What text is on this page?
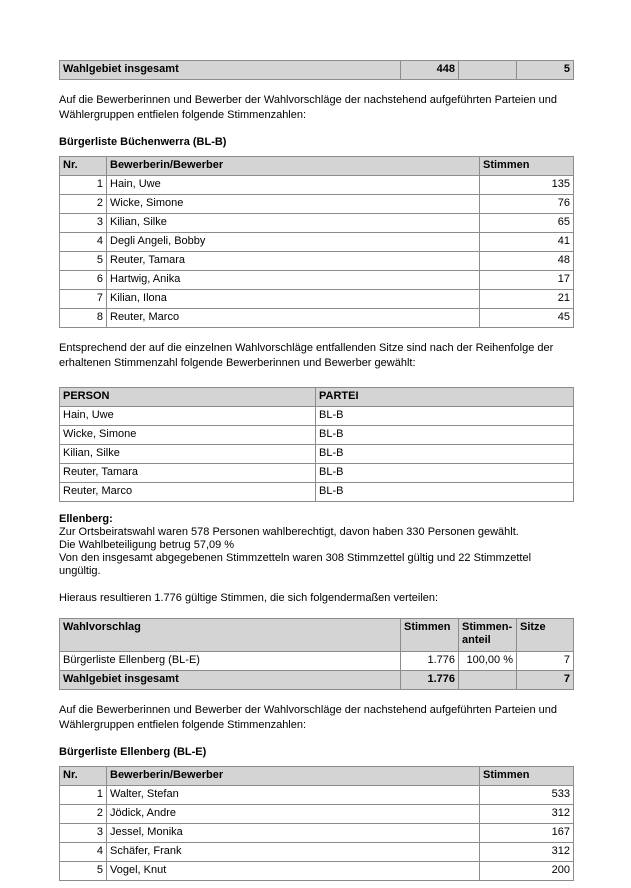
Wahlgebiet insgesamt	448		5

Auf die Bewerberinnen und Bewerber der Wahlvorschläge der nachstehend aufgeführten Parteien und Wählergruppen entfielen folgende Stimmenzahlen:

Bürgerliste Büchenwerra (BL-B)

Nr.	Bewerberin/Bewerber	Stimmen
1	Hain, Uwe	135
2	Wicke, Simone	76
3	Kilian, Silke	65
4	Degli Angeli, Bobby	41
5	Reuter, Tamara	48
6	Hartwig, Anika	17
7	Kilian, Ilona	21
8	Reuter, Marco	45

Entsprechend der auf die einzelnen Wahlvorschläge entfallenden Sitze sind nach der Reihenfolge der erhaltenen Stimmenzahl folgende Bewerberinnen und Bewerber gewählt:

PERSON	PARTEI
Hain, Uwe	BL-B
Wicke, Simone	BL-B
Kilian, Silke	BL-B
Reuter, Tamara	BL-B
Reuter, Marco	BL-B

Ellenberg:

Zur Ortsbeiratswahl waren 578 Personen wahlberechtigt, davon haben 330 Personen gewählt.

Die Wahlbeteiligung betrug 57,09 %

Von den insgesamt abgegebenen Stimmzetteln waren 308 Stimmzettel gültig und 22 Stimmzettel ungültig.

Hieraus resultieren 1.776 gültige Stimmen, die sich folgendermaßen verteilen:

Wahlvorschlag	Stimmen	Stimmen-anteil	Sitze
Bürgerliste Ellenberg (BL-E)	1.776	100,00 %	7
Wahlgebiet insgesamt	1.776		7

Auf die Bewerberinnen und Bewerber der Wahlvorschläge der nachstehend aufgeführten Parteien und Wählergruppen entfielen folgende Stimmenzahlen:

Bürgerliste Ellenberg (BL-E)

Nr.	Bewerberin/Bewerber	Stimmen
1	Walter, Stefan	533
2	Jödick, Andre	312
3	Jessel, Monika	167
4	Schäfer, Frank	312
5	Vogel, Knut	200
